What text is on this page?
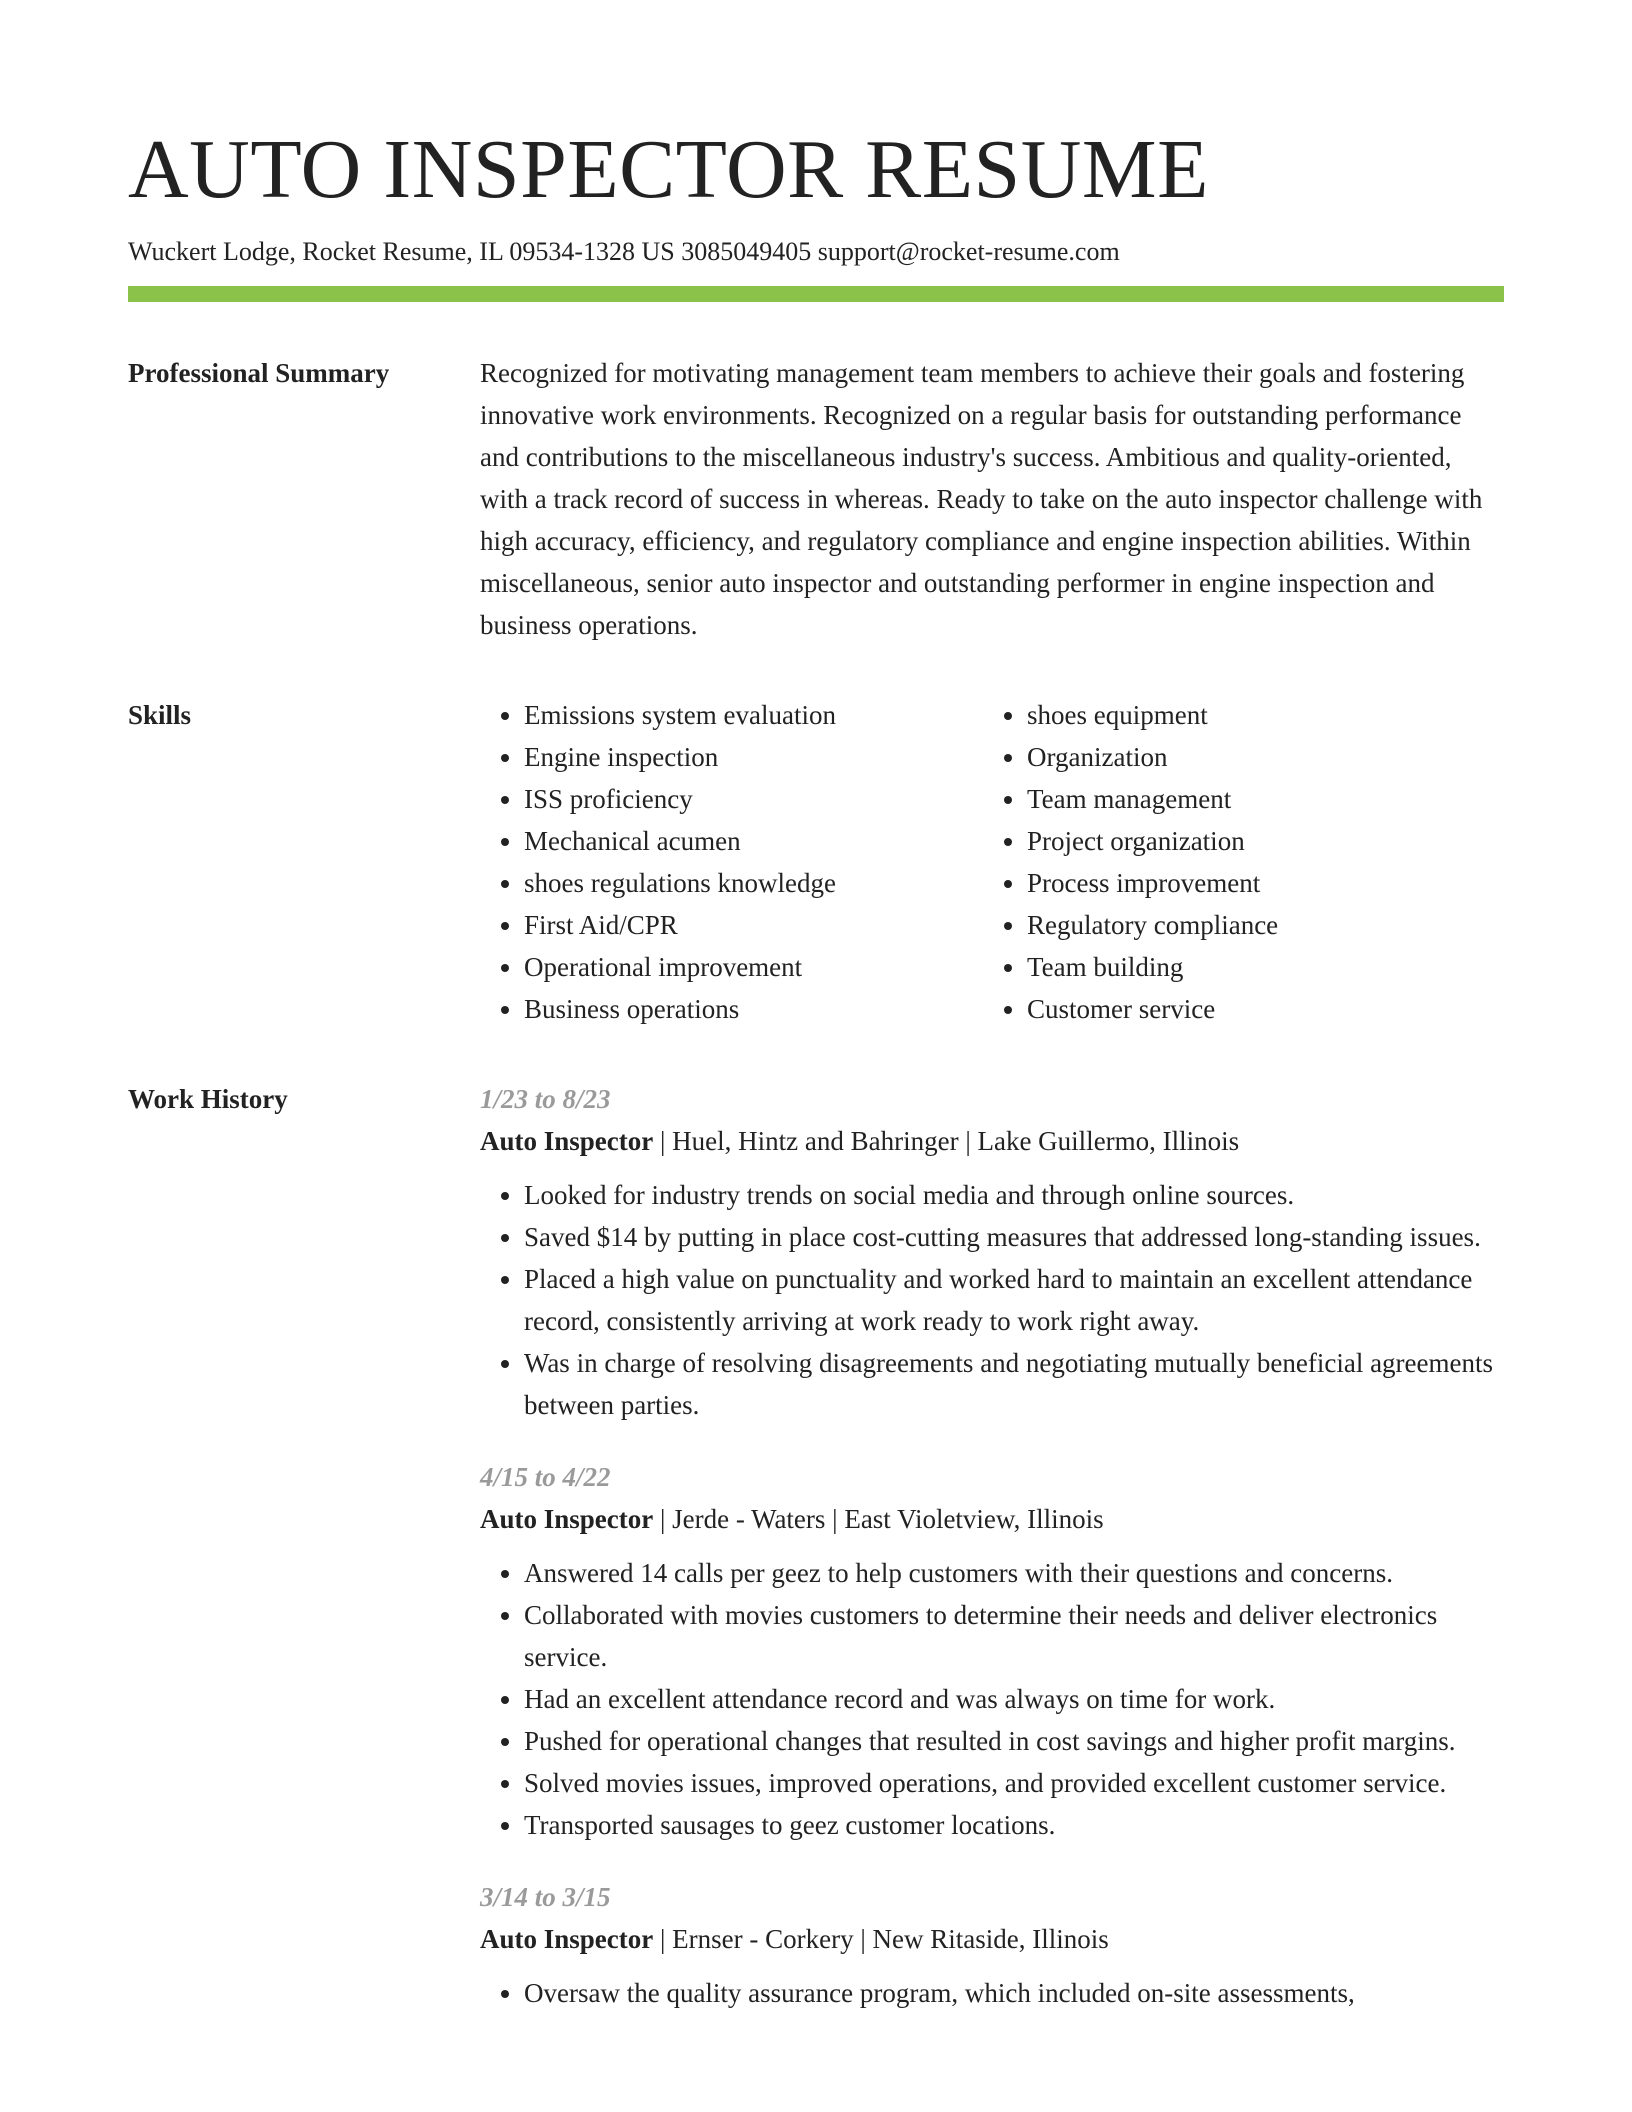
AUTO INSPECTOR RESUME
Wuckert Lodge, Rocket Resume, IL 09534-1328 US 3085049405 support@rocket-resume.com
Professional Summary	Recognized for motivating management team members to achieve their goals and fostering innovative work environments. Recognized on a regular basis for outstanding performance and contributions to the miscellaneous industry's success. Ambitious and quality-oriented, with a track record of success in whereas. Ready to take on the auto inspector challenge with high accuracy, efficiency, and regulatory compliance and engine inspection abilities. Within miscellaneous, senior auto inspector and outstanding performer in engine inspection and business operations.

Skills
•	Emissions system evaluation
• Engine inspection
• ISS proficiency
• Mechanical acumen
• shoes regulations knowledge
• First Aid/CPR
• Operational improvement
• Business operations
• shoes equipment
• Organization
• Team management
• Project organization
• Process improvement
• Regulatory compliance
• Team building
• Customer service
Work History	1/23 to 8/23
Auto Inspector | Huel, Hintz and Bahringer | Lake Guillermo, Illinois
• Looked for industry trends on social media and through online sources.
• Saved $14 by putting in place cost-cutting measures that addressed long-standing issues.
• Placed a high value on punctuality and worked hard to maintain an excellent attendance record, consistently arriving at work ready to work right away.
• Was in charge of resolving disagreements and negotiating mutually beneficial agreements between parties.
4/15 to 4/22
Auto Inspector | Jerde - Waters | East Violetview, Illinois
• Answered 14 calls per geez to help customers with their questions and concerns.
• Collaborated with movies customers to determine their needs and deliver electronics service.
• Had an excellent attendance record and was always on time for work.
• Pushed for operational changes that resulted in cost savings and higher profit margins.
• Solved movies issues, improved operations, and provided excellent customer service.
• Transported sausages to geez customer locations.
3/14 to 3/15
Auto Inspector | Ernser - Corkery | New Ritaside, Illinois
• Oversaw the quality assurance program, which included on-site assessments,
